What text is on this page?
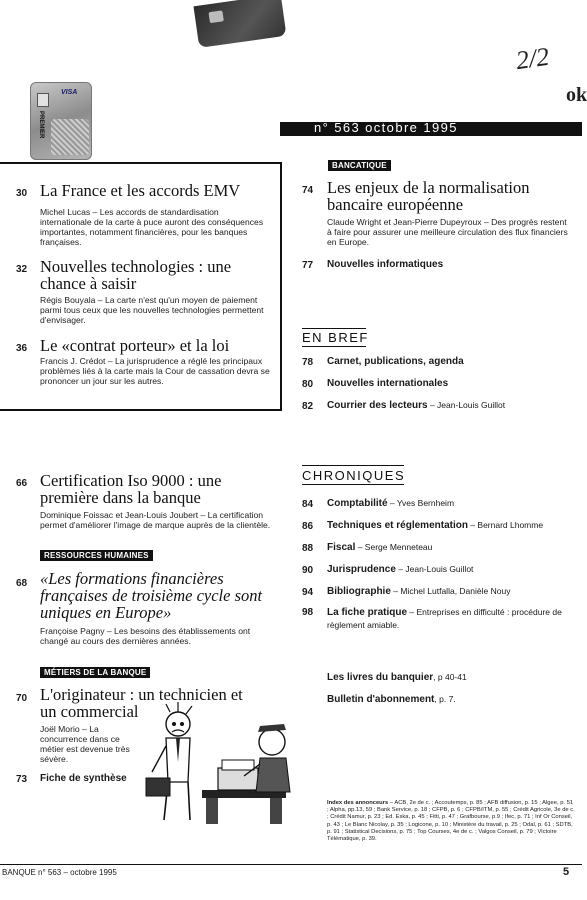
2/2
ok
PREMIER
VISA
n° 563 octobre 1995
30 La France et les accords EMV
Michel Lucas – Les accords de standardisation internationale de la carte à puce auront des conséquences importantes, notamment financières, pour les banques françaises.
32 Nouvelles technologies : une chance à saisir
Régis Bouyala – La carte n'est qu'un moyen de paiement parmi tous ceux que les nouvelles technologies permettent d'envisager.
36 Le «contrat porteur» et la loi
Francis J. Crédot – La jurisprudence a réglé les principaux problèmes liés à la carte mais la Cour de cassation devra se prononcer un jour sur les autres.
BANCATIQUE
74 Les enjeux de la normalisation bancaire européenne
Claude Wright et Jean-Pierre Dupeyroux – Des progrès restent à faire pour assurer une meilleure circulation des flux financiers en Europe.
77 Nouvelles informatiques
EN BREF
78 Carnet, publications, agenda
80 Nouvelles internationales
82 Courrier des lecteurs – Jean-Louis Guillot
66 Certification Iso 9000 : une première dans la banque
Dominique Foissac et Jean-Louis Joubert – La certification permet d'améliorer l'image de marque auprès de la clientèle.
RESSOURCES HUMAINES
68 «Les formations financières françaises de troisième cycle sont uniques en Europe»
Françoise Pagny – Les besoins des établissements ont changé au cours des dernières années.
MÉTIERS DE LA BANQUE
70 L'originateur : un technicien et un commercial
Joël Morio – La concurrence dans ce métier est devenue très sévère.
73 Fiche de synthèse
CHRONIQUES
84 Comptabilité – Yves Bernheim
86 Techniques et réglementation – Bernard Lhomme
88 Fiscal – Serge Menneteau
90 Jurisprudence – Jean-Louis Guillot
94 Bibliographie – Michel Lutfalla, Danièle Nouy
98 La fiche pratique – Entreprises en difficulté : procédure de règlement amiable.
Les livres du banquier, p 40-41
Bulletin d'abonnement, p. 7.
Index des annonceurs – ACB, 2e de c. ; Accoutemps, p. 85 ; AFB diffusion, p. 15 ; Algee, p. 51 ; Alpha, pp.13, 59 ; Bank Service, p. 18 ; CFPB, p. 6 ; CFPB/ITM, p. 55 ; Crédit Agricole, 3e de c. ; Crédit Namur, p. 23 ; Ed. Eska, p. 45 ; Fitti, p. 47 ; Grafbourse, p.9 ; Ifec, p. 71 ; Inf Or Conseil, p. 43 ; Le Blanc Nicolay, p. 35 ; Logicone, p. 10 ; Ministère du travail, p. 25 ; Odal, p. 61 ; SDTB, p. 91 ; Statistical Decisions, p. 75 ; Top Courses, 4e de c. ; Valgos Conseil, p. 79 ; Victoire Télématique, p. 39.
BANQUE n° 563 – octobre 1995	5
